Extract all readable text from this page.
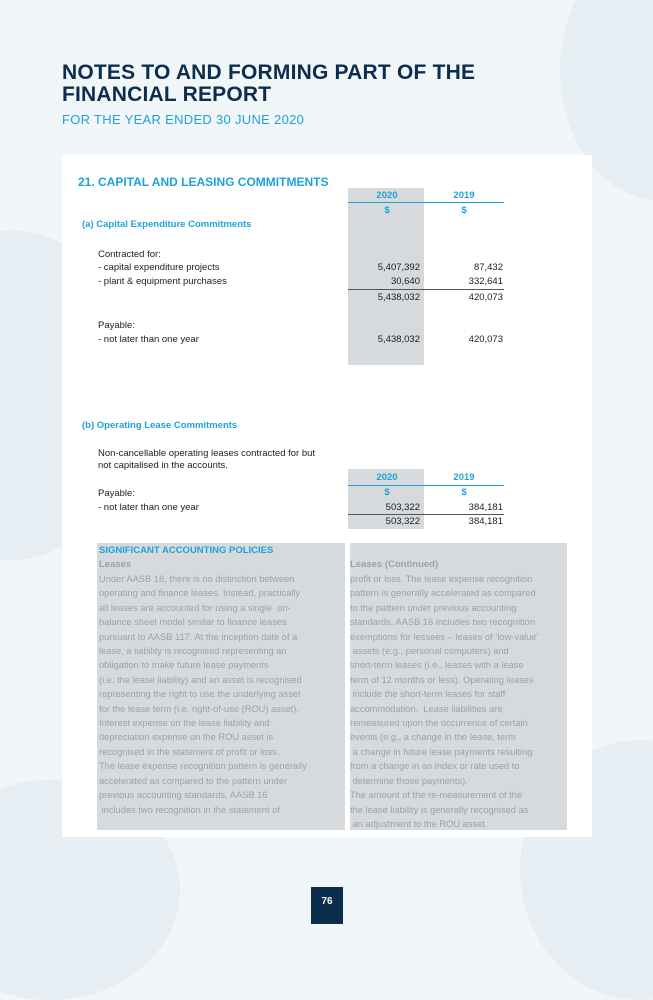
NOTES TO AND FORMING PART OF THE
FINANCIAL REPORT
FOR THE YEAR ENDED 30 JUNE 2020
21. CAPITAL AND LEASING COMMITMENTS
2020	2019
$	$
(a) Capital Expenditure Commitments
Contracted for:
- capital expenditure projects	5,407,392	87,432
- plant & equipment purchases	30,640	332,641
5,438,032	420,073
Payable:
- not later than one year	5,438,032	420,073
(b) Operating Lease Commitments
Non-cancellable operating leases contracted for but
not capitalised in the accounts.
2020	2019
$	$
Payable:
- not later than one year	503,322	384,181
503,322	384,181
SIGNIFICANT ACCOUNTING POLICIES
Leases
Under AASB 16, there is no distinction between
operating and finance leases. Instead, practically
all leases are accounted for using a single  on-
balance sheet model similar to finance leases
pursuant to AASB 117. At the inception date of a
lease, a liability is recognised representing an
obligation to make future lease payments
(i.e. the lease liability) and an asset is recognised
representing the right to use the underlying asset
for the lease term (i.e. right-of-use (ROU) asset).
Interest expense on the lease liability and
depreciation expense on the ROU asset is
recognised in the statement of profit or loss.
The lease expense recognition pattern is generally
accelerated as compared to the pattern under
previous accounting standards. AASB 16
includes two recognition in the statement of
Leases (Continued)
profit or loss. The lease expense recognition
pattern is generally accelerated as compared
to the pattern under previous accounting
standards. AASB 16 includes two recognition
exemptions for lessees – leases of ‘low-value’
assets (e.g., personal computers) and
short-term leases (i.e., leases with a lease
term of 12 months or less). Operating leases
include the short-term leases for staff
accommodation.  Lease liabilities are
remeasured upon the occurrence of certain
events (e.g., a change in the lease, term
a change in future lease payments resulting
from a change in an index or rate used to
determine those payments).
The amount of the re-measurement of the
the lease liability is generally recognised as
an adjustment to the ROU asset.
76
